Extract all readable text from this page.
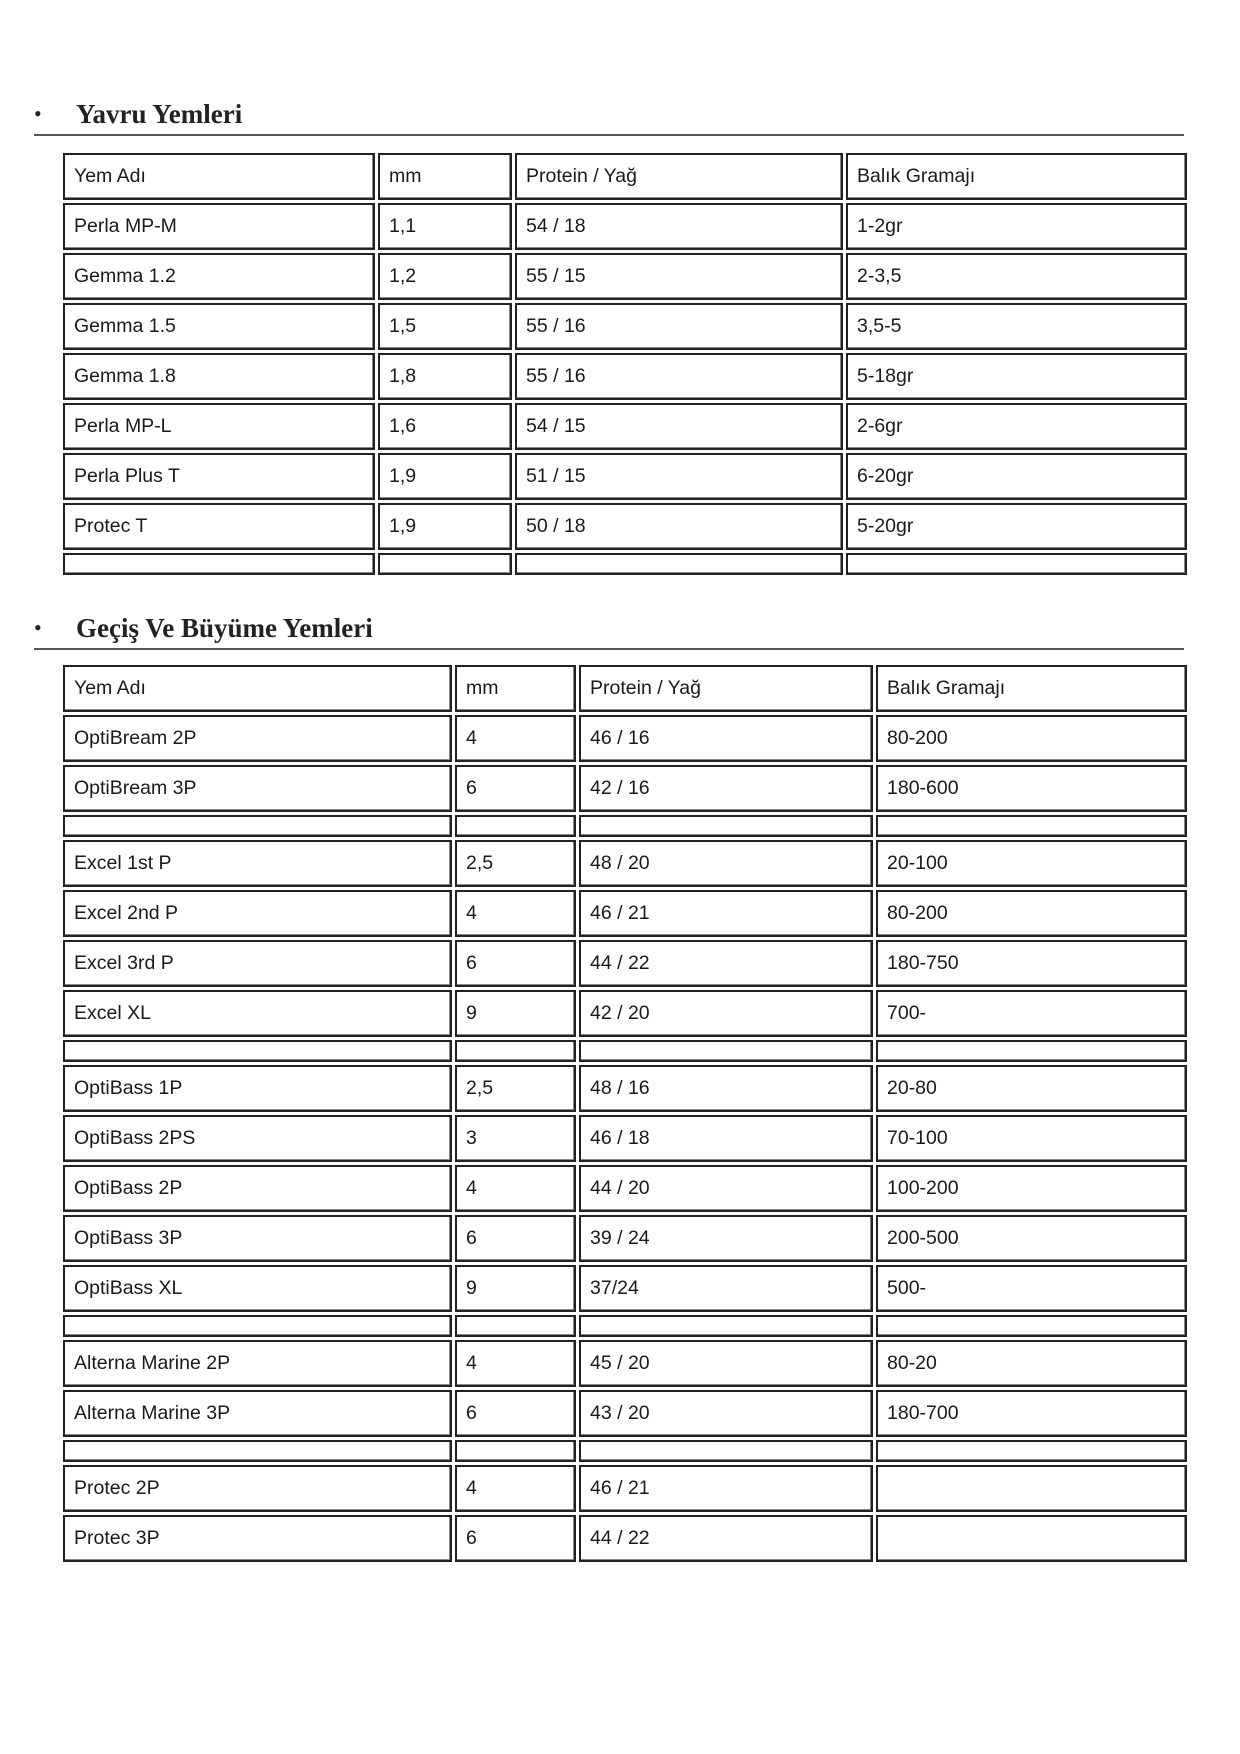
•	Yavru Yemleri
Yem Adı	mm	Protein / Yağ	Balık Gramajı
Perla MP-M	1,1	54 / 18	1-2gr
Gemma 1.2	1,2	55 / 15	2-3,5
Gemma 1.5	1,5	55 / 16	3,5-5
Gemma 1.8	1,8	55 / 16	5-18gr
Perla MP-L	1,6	54 / 15	2-6gr
Perla Plus T	1,9	51 / 15	6-20gr
Protec T	1,9	50 / 18	5-20gr

•	Geçiş Ve Büyüme Yemleri
Yem Adı	mm	Protein / Yağ	Balık Gramajı
OptiBream 2P	4	46 / 16	80-200
OptiBream 3P	6	42 / 16	180-600

Excel 1st P	2,5	48 / 20	20-100
Excel 2nd P	4	46 / 21	80-200
Excel 3rd P	6	44 / 22	180-750
Excel XL	9	42 / 20	700-

OptiBass 1P	2,5	48 / 16	20-80
OptiBass 2PS	3	46 / 18	70-100
OptiBass 2P	4	44 / 20	100-200
OptiBass 3P	6	39 / 24	200-500
OptiBass XL	9	37/24	500-

Alterna Marine 2P	4	45 / 20	80-20
Alterna Marine 3P	6	43 / 20	180-700

Protec 2P	4	46 / 21	
Protec 3P	6	44 / 22	
